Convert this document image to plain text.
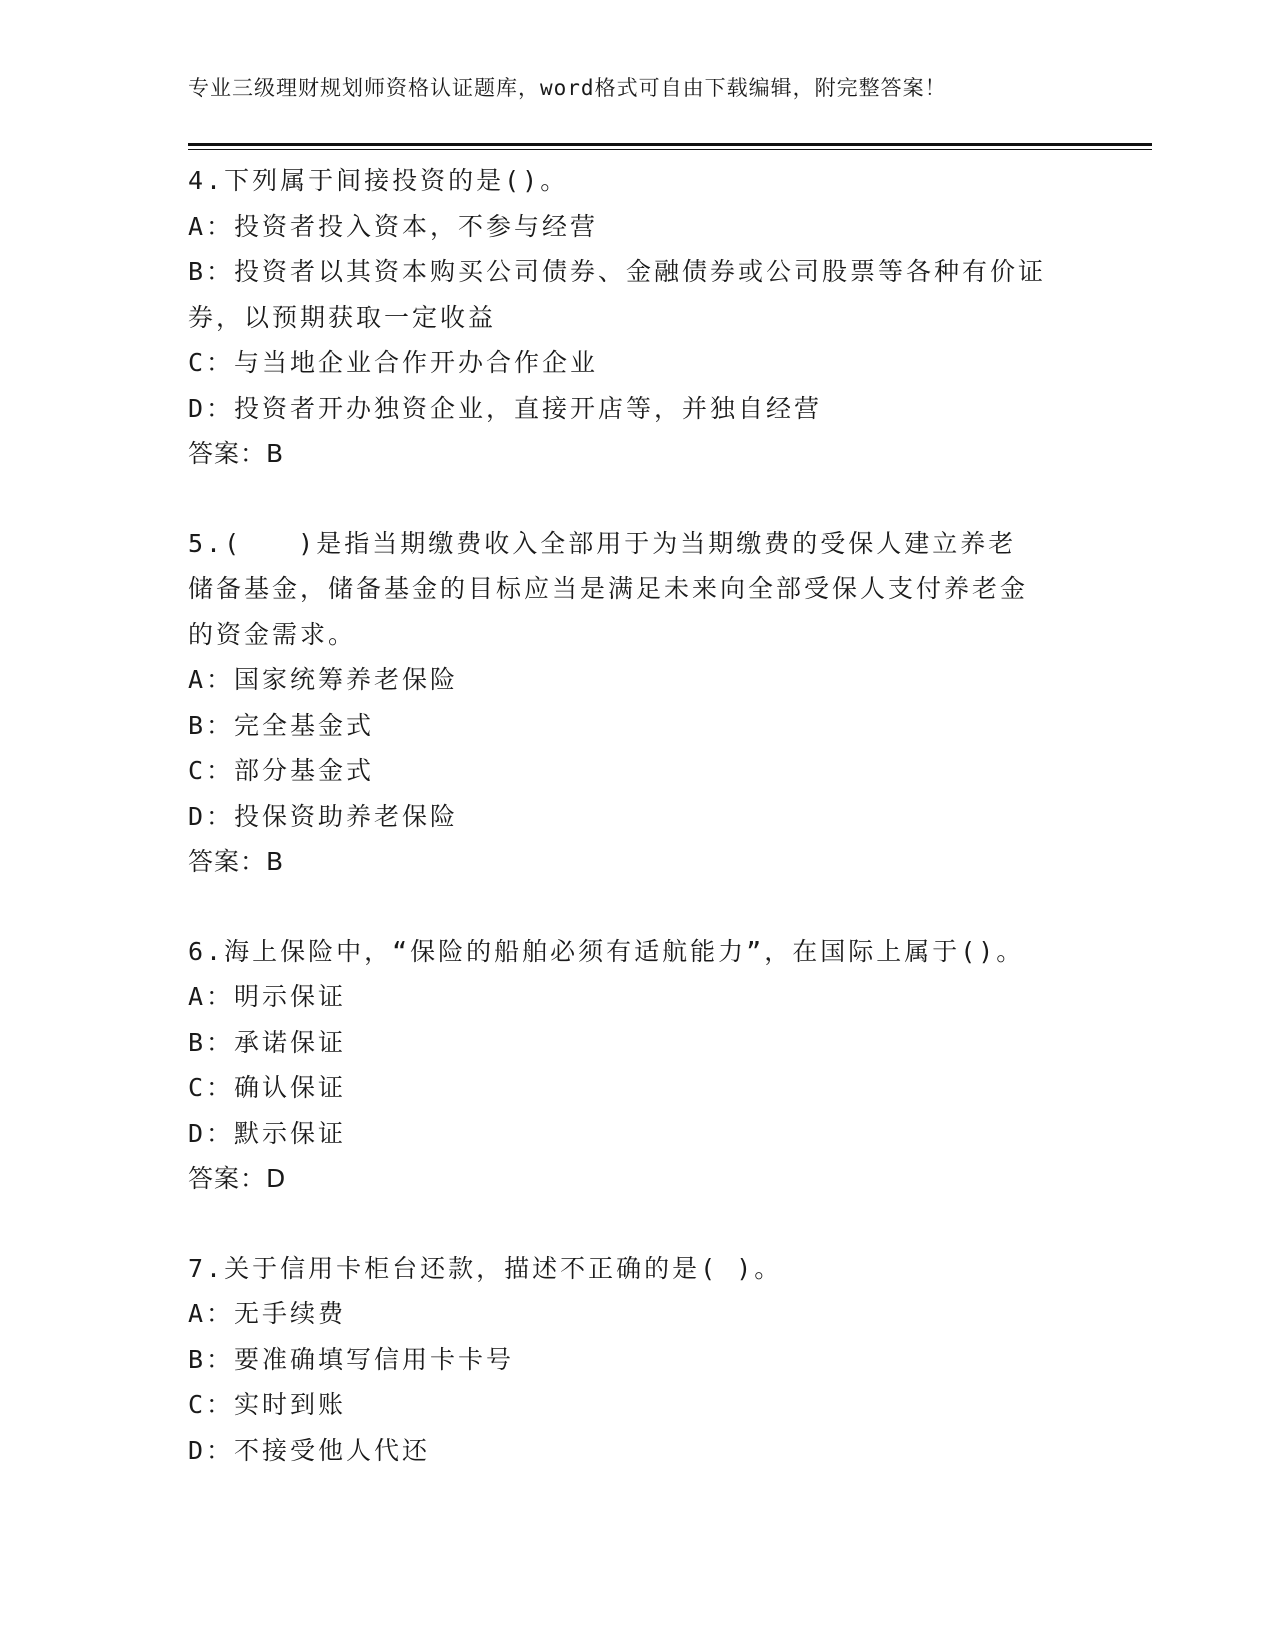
专业三级理财规划师资格认证题库，word格式可自由下载编辑，附完整答案！

4.下列属于间接投资的是()。

A：投资者投入资本，不参与经营

B：投资者以其资本购买公司债券、金融债券或公司股票等各种有价证券，以预期获取一定收益

C：与当地企业合作开办合作企业

D：投资者开办独资企业，直接开店等，并独自经营

答案：B

5.(　　)是指当期缴费收入全部用于为当期缴费的受保人建立养老储备基金，储备基金的目标应当是满足未来向全部受保人支付养老金的资金需求。

A：国家统筹养老保险

B：完全基金式

C：部分基金式

D：投保资助养老保险

答案：B

6.海上保险中，“保险的船舶必须有适航能力”，在国际上属于()。

A：明示保证

B：承诺保证

C：确认保证

D：默示保证

答案：D

7.关于信用卡柜台还款，描述不正确的是( )。

A：无手续费

B：要准确填写信用卡卡号

C：实时到账

D：不接受他人代还
